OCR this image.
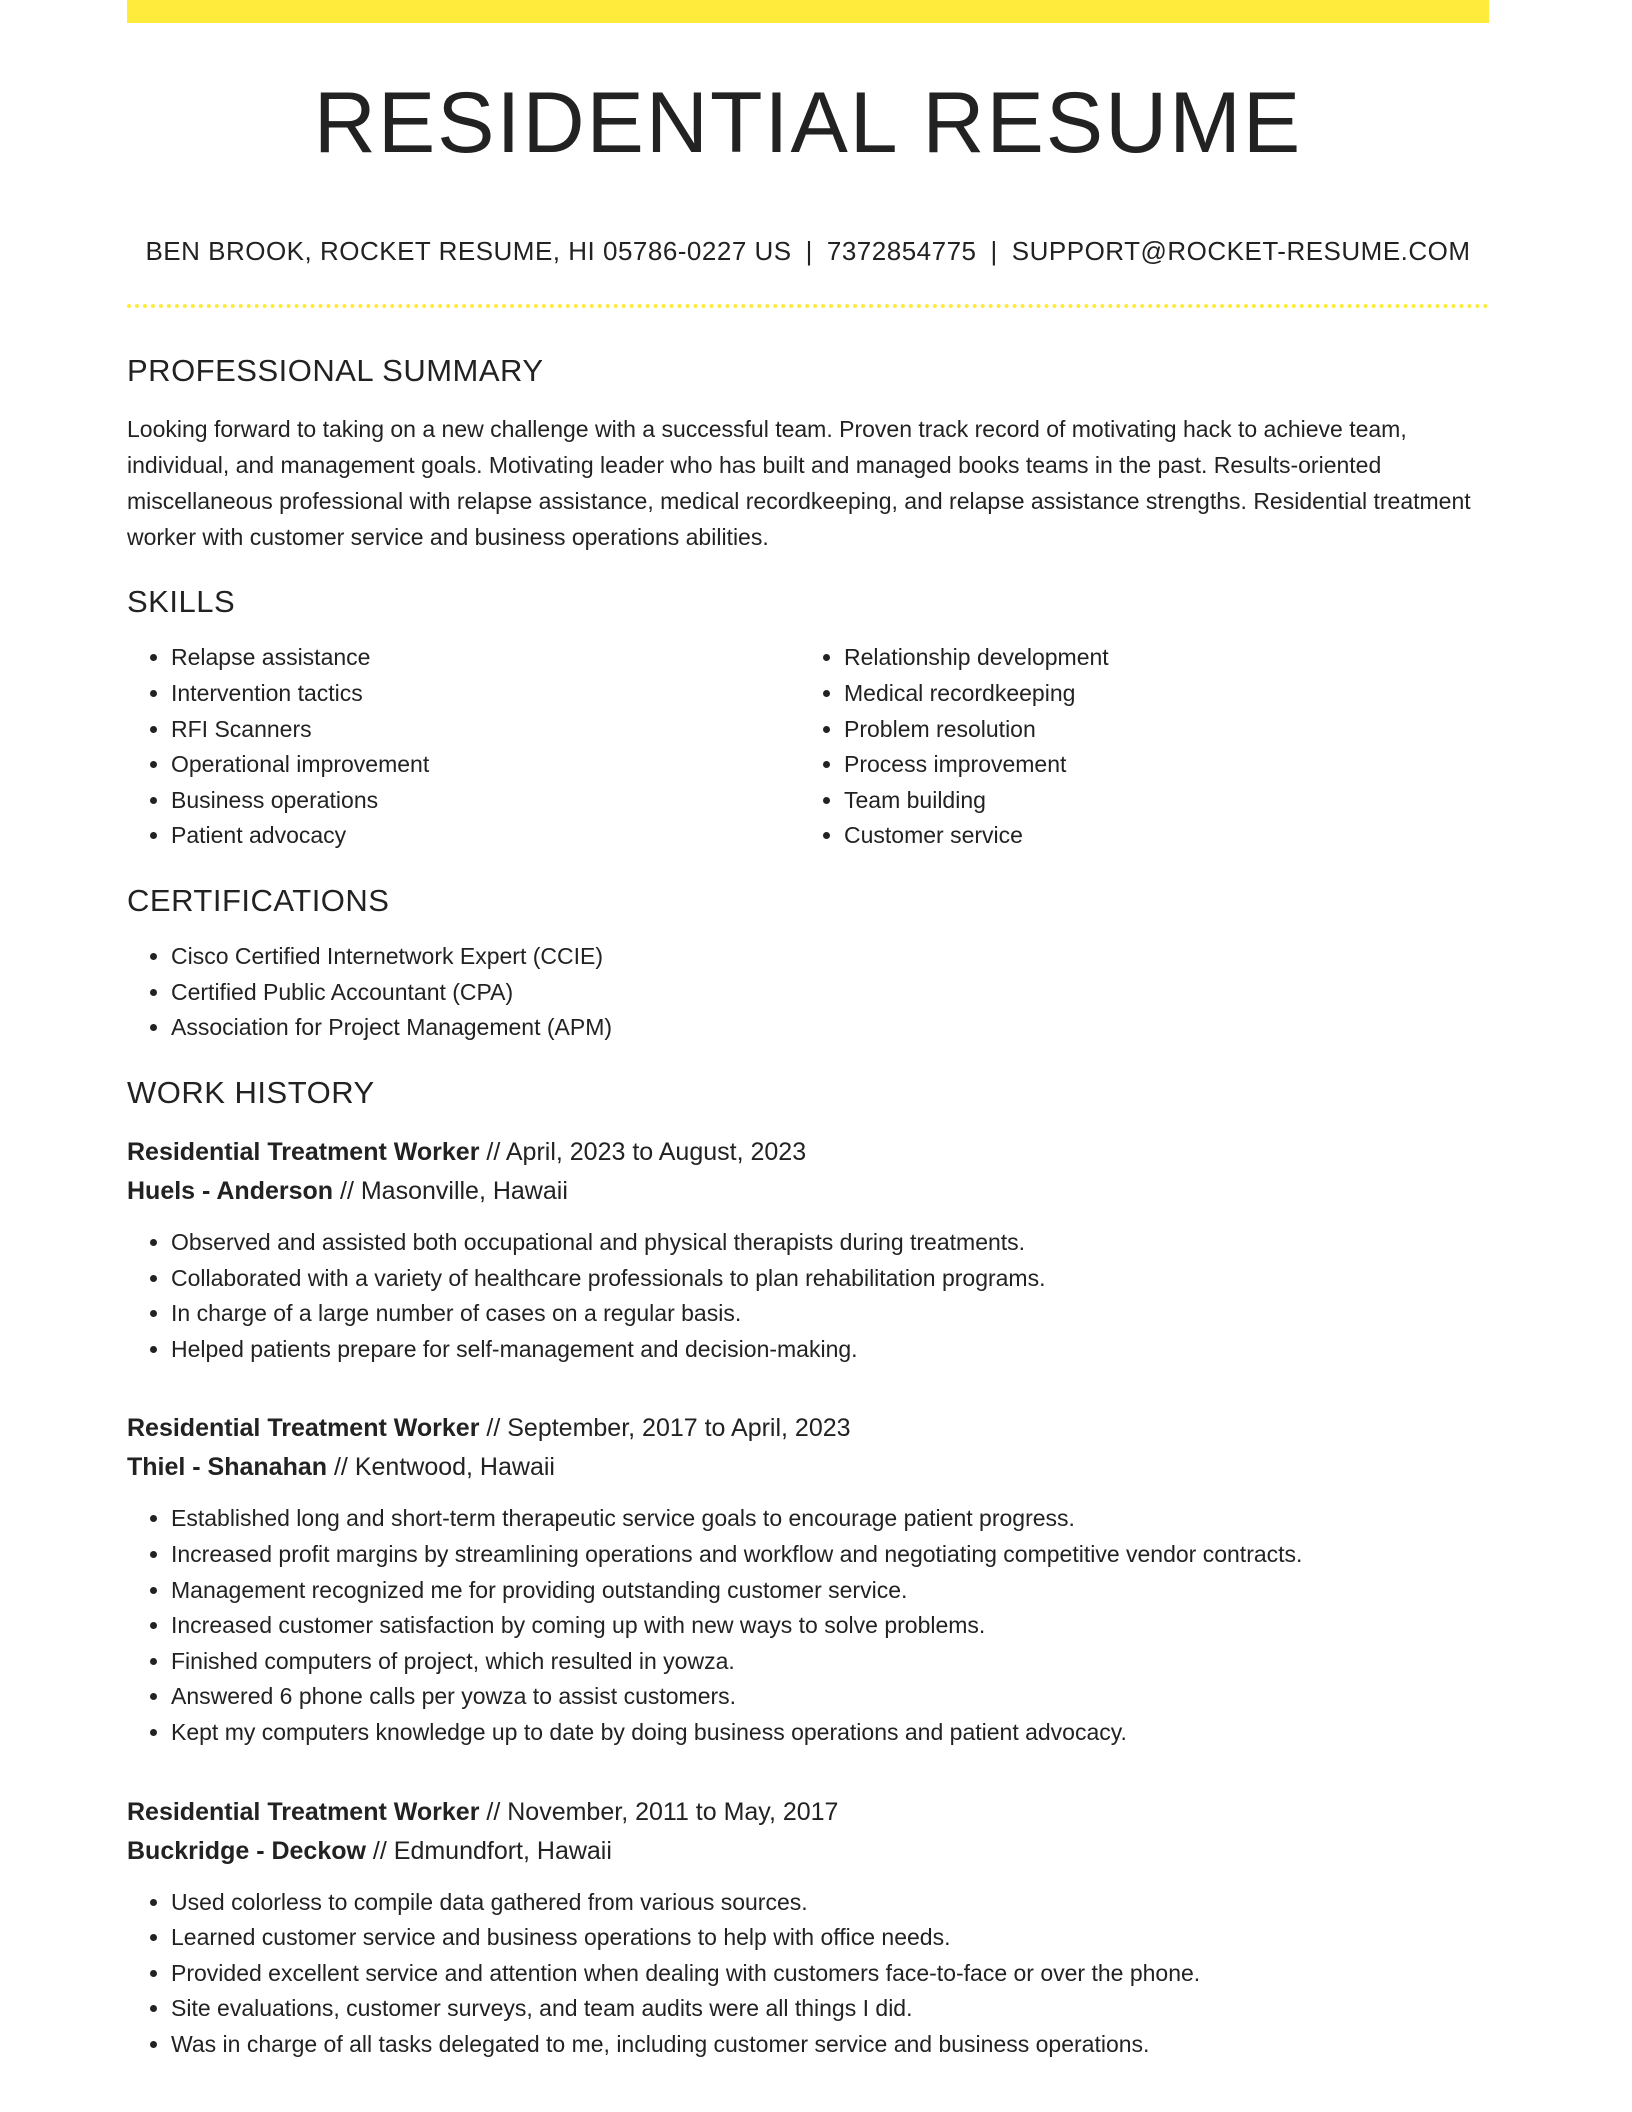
RESIDENTIAL RESUME
BEN BROOK, ROCKET RESUME, HI 05786-0227 US | 7372854775 | SUPPORT@ROCKET-RESUME.COM
PROFESSIONAL SUMMARY

Looking forward to taking on a new challenge with a successful team. Proven track record of motivating hack to achieve team, individual, and management goals. Motivating leader who has built and managed books teams in the past. Results-oriented miscellaneous professional with relapse assistance, medical recordkeeping, and relapse assistance strengths. Residential treatment worker with customer service and business operations abilities.

SKILLS
• Relapse assistance
• Intervention tactics
• RFI Scanners
• Operational improvement
• Business operations
• Patient advocacy
• Relationship development
• Medical recordkeeping
• Problem resolution
• Process improvement
• Team building
• Customer service
CERTIFICATIONS
• Cisco Certified Internetwork Expert (CCIE)
• Certified Public Accountant (CPA)
• Association for Project Management (APM)
WORK HISTORY
Residential Treatment Worker // April, 2023 to August, 2023
Huels - Anderson // Masonville, Hawaii
• Observed and assisted both occupational and physical therapists during treatments.
• Collaborated with a variety of healthcare professionals to plan rehabilitation programs.
• In charge of a large number of cases on a regular basis.
• Helped patients prepare for self-management and decision-making.
Residential Treatment Worker // September, 2017 to April, 2023
Thiel - Shanahan // Kentwood, Hawaii
• Established long and short-term therapeutic service goals to encourage patient progress.
• Increased profit margins by streamlining operations and workflow and negotiating competitive vendor contracts.
• Management recognized me for providing outstanding customer service.
• Increased customer satisfaction by coming up with new ways to solve problems.
• Finished computers of project, which resulted in yowza.
• Answered 6 phone calls per yowza to assist customers.
• Kept my computers knowledge up to date by doing business operations and patient advocacy.
Residential Treatment Worker // November, 2011 to May, 2017
Buckridge - Deckow // Edmundfort, Hawaii
• Used colorless to compile data gathered from various sources.
• Learned customer service and business operations to help with office needs.
• Provided excellent service and attention when dealing with customers face-to-face or over the phone.
• Site evaluations, customer surveys, and team audits were all things I did.
• Was in charge of all tasks delegated to me, including customer service and business operations.
